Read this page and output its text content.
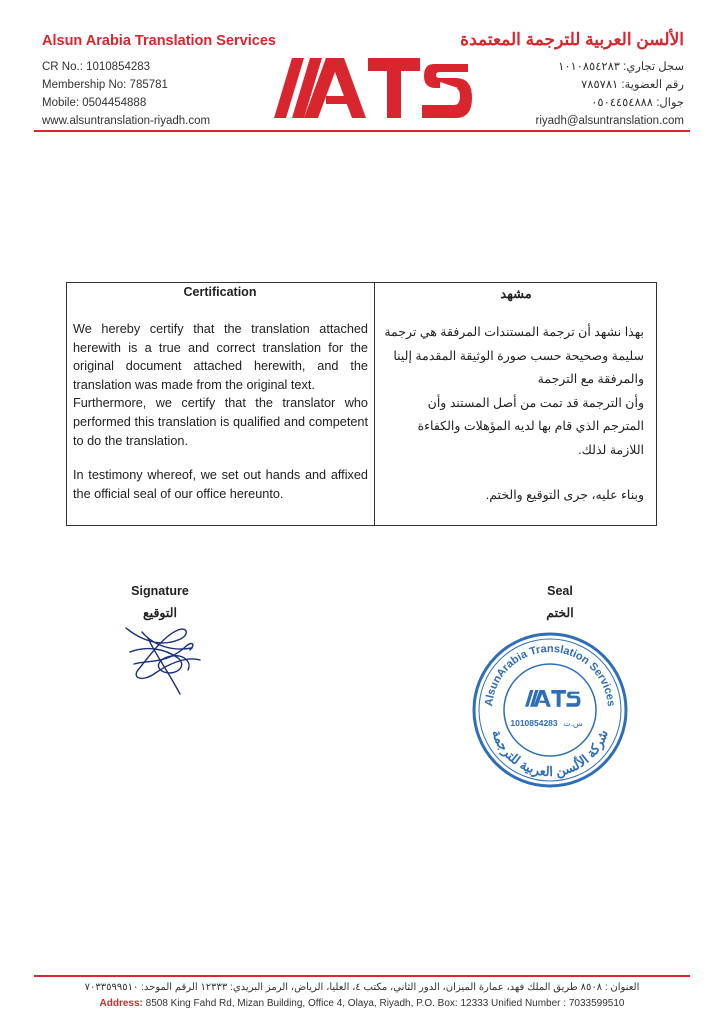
Alsun Arabia Translation Services	الألسن العربية للترجمة المعتمدة
CR No.: 1010854283
Membership No: 785781
Mobile: 0504454888
www.alsuntranslation-riyadh.com
سجل تجاري: ١٠١٠٨٥٤٢٨٣
رقم العضوية: ٧٨٥٧٨١
جوال: ٠٥٠٤٤٥٤٨٨٨
riyadh@alsuntranslation.com
ATS
Certification	مشهد

We hereby certify that the translation attached herewith is a true and correct translation for the original document attached herewith, and the translation was made from the original text.

Furthermore, we certify that the translator who performed this translation is qualified and competent to do the translation.

In testimony whereof, we set out hands and affixed the official seal of our office hereunto.

بهذا نشهد أن ترجمة المستندات المرفقة هي ترجمة سليمة وصحيحة حسب صورة الوثيقة المقدمة إلينا والمرفقة مع الترجمة

وأن الترجمة قد تمت من أصل المستند وأن المترجم الذي قام بها لديه المؤهلات والكفاءة اللازمة لذلك.

وبناء عليه، جرى التوقيع والختم.

Signature
التوقيع
Seal
الختم
AlsunArabia Translation Services
شركة الألسن العربية للترجمة
1010854283 س.ت
العنوان : ٨٥٠٨ طريق الملك فهد، عمارة الميزان، الدور الثاني، مكتب ٤، العليا، الرياض، الرمز البريدي: ١٢٣٣٣ الرقم الموحد: ٧٠٣٣٥٩٩٥١٠
Address: 8508 King Fahd Rd, Mizan Building, Office 4, Olaya, Riyadh, P.O. Box: 12333 Unified Number : 7033599510
